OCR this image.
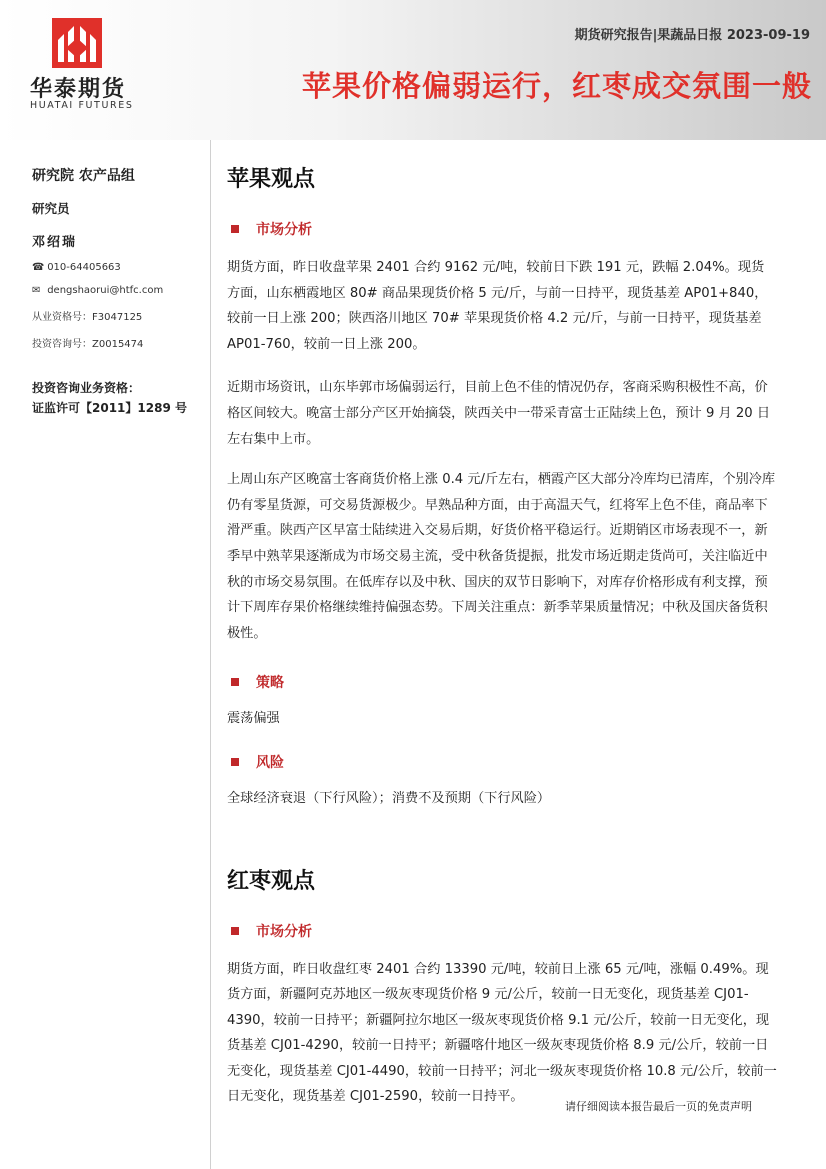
华泰期货
HUATAI FUTURES
期货研究报告|果蔬品日报 2023-09-19
苹果价格偏弱运行，红枣成交氛围一般
研究院 农产品组
研究员
邓绍瑞
☎ 010-64405663
✉ dengshaorui@htfc.com
从业资格号：F3047125
投资咨询号：Z0015474
投资咨询业务资格：
证监许可【2011】1289 号
苹果观点
市场分析

期货方面，昨日收盘苹果 2401 合约 9162 元/吨，较前日下跌 191 元，跌幅 2.04%。现货方面，山东栖霞地区 80# 商品果现货价格 5 元/斤，与前一日持平，现货基差 AP01+840，较前一日上涨 200；陕西洛川地区 70# 苹果现货价格 4.2 元/斤，与前一日持平，现货基差 AP01-760，较前一日上涨 200。

近期市场资讯，山东毕郭市场偏弱运行，目前上色不佳的情况仍存，客商采购积极性不高，价格区间较大。晚富士部分产区开始摘袋，陕西关中一带采青富士正陆续上色，预计 9 月 20 日左右集中上市。

上周山东产区晚富士客商货价格上涨 0.4 元/斤左右，栖霞产区大部分冷库均已清库，个别冷库仍有零星货源，可交易货源极少。早熟品种方面，由于高温天气，红将军上色不佳，商品率下滑严重。陕西产区早富士陆续进入交易后期，好货价格平稳运行。近期销区市场表现不一，新季早中熟苹果逐渐成为市场交易主流，受中秋备货提振，批发市场近期走货尚可，关注临近中秋的市场交易氛围。在低库存以及中秋、国庆的双节日影响下，对库存价格形成有利支撑，预计下周库存果价格继续维持偏强态势。下周关注重点：新季苹果质量情况；中秋及国庆备货积极性。

策略

震荡偏强

风险

全球经济衰退（下行风险）；消费不及预期（下行风险）

红枣观点
市场分析

期货方面，昨日收盘红枣 2401 合约 13390 元/吨，较前日上涨 65 元/吨，涨幅 0.49%。现货方面，新疆阿克苏地区一级灰枣现货价格 9 元/公斤，较前一日无变化，现货基差 CJ01-4390，较前一日持平；新疆阿拉尔地区一级灰枣现货价格 9.1 元/公斤，较前一日无变化，现货基差 CJ01-4290，较前一日持平；新疆喀什地区一级灰枣现货价格 8.9 元/公斤，较前一日无变化，现货基差 CJ01-4490，较前一日持平；河北一级灰枣现货价格 10.8 元/公斤，较前一日无变化，现货基差 CJ01-2590，较前一日持平。

请仔细阅读本报告最后一页的免责声明
